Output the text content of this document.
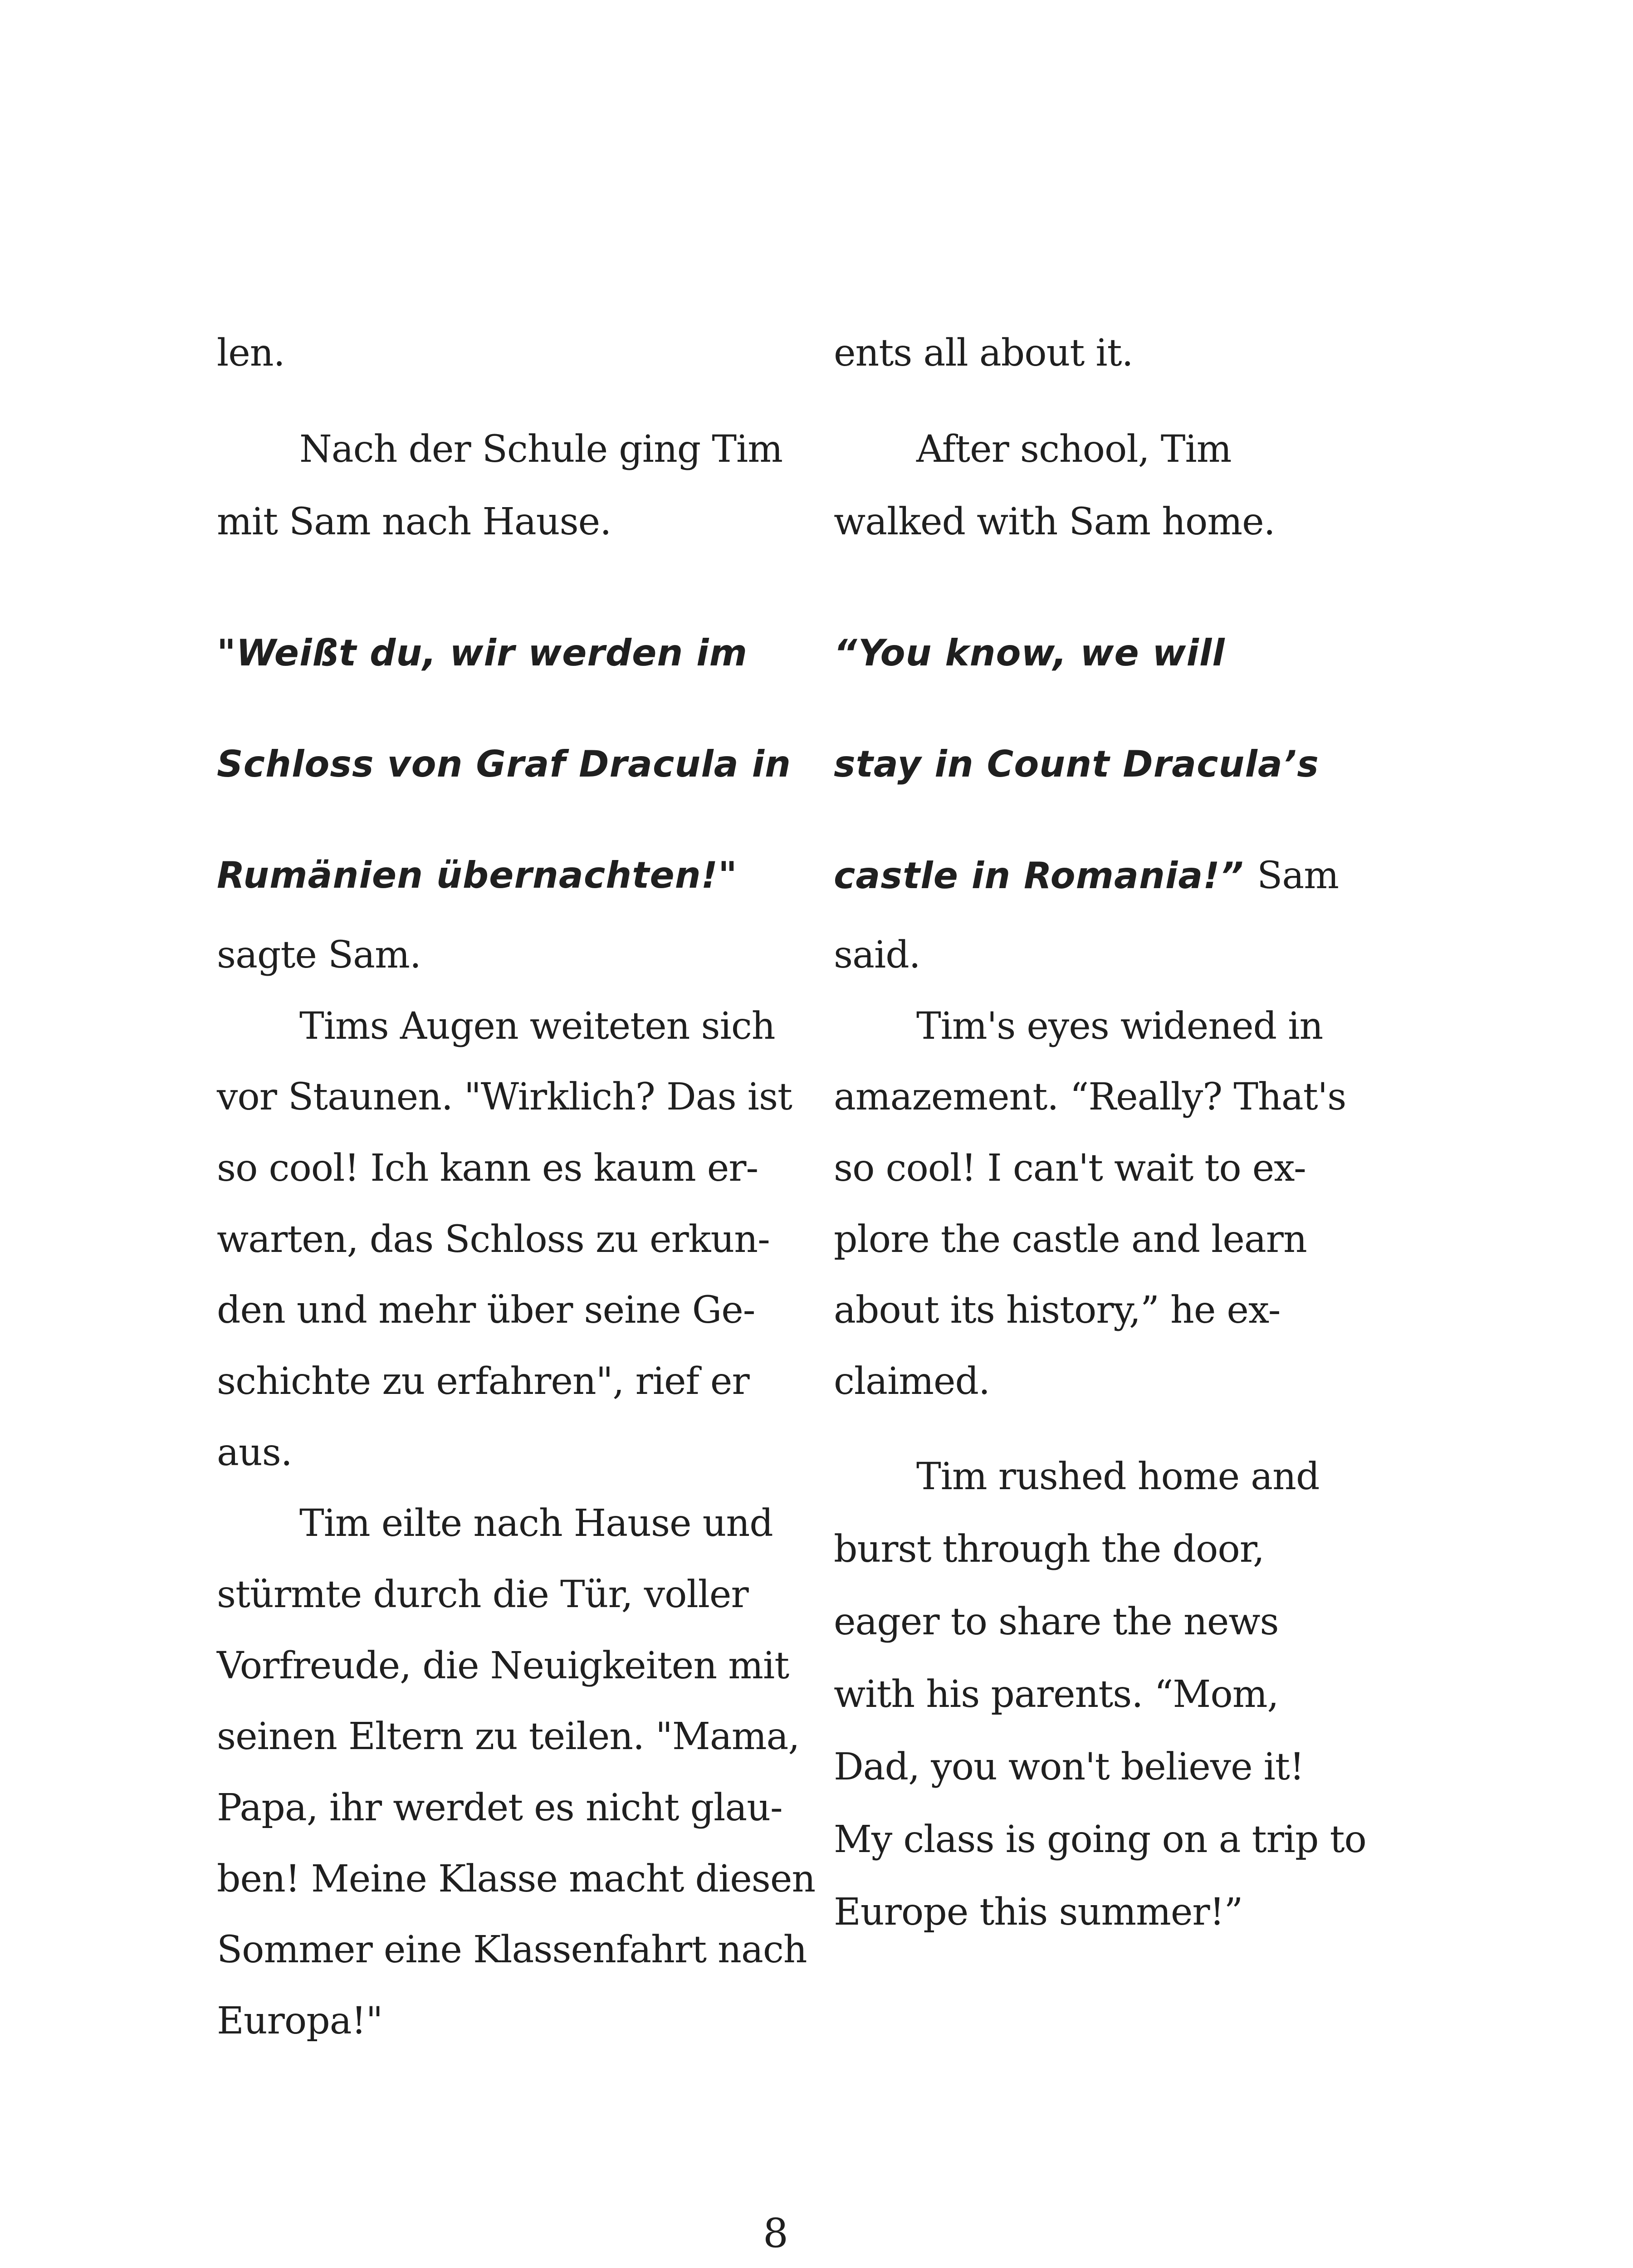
len.

Nach der Schule ging Tim

mit Sam nach Hause.

"Weißt du, wir werden im

Schloss von Graf Dracula in

Rumänien übernachten!"

sagte Sam.

Tims Augen weiteten sich

vor Staunen. "Wirklich? Das ist

so cool! Ich kann es kaum er-

warten, das Schloss zu erkun-

den und mehr über seine Ge-

schichte zu erfahren", rief er

aus.

Tim eilte nach Hause und

stürmte durch die Tür, voller

Vorfreude, die Neuigkeiten mit

seinen Eltern zu teilen. "Mama,

Papa, ihr werdet es nicht glau-

ben! Meine Klasse macht diesen

Sommer eine Klassenfahrt nach

Europa!"

ents all about it.

After school, Tim

walked with Sam home.

“You know, we will

stay in Count Dracula’s

castle in Romania!” Sam

said.

Tim's eyes widened in

amazement. “Really? That's

so cool! I can't wait to ex-

plore the castle and learn

about its history,” he ex-

claimed.

Tim rushed home and

burst through the door,

eager to share the news

with his parents. “Mom,

Dad, you won't believe it!

My class is going on a trip to

Europe this summer!”

8
